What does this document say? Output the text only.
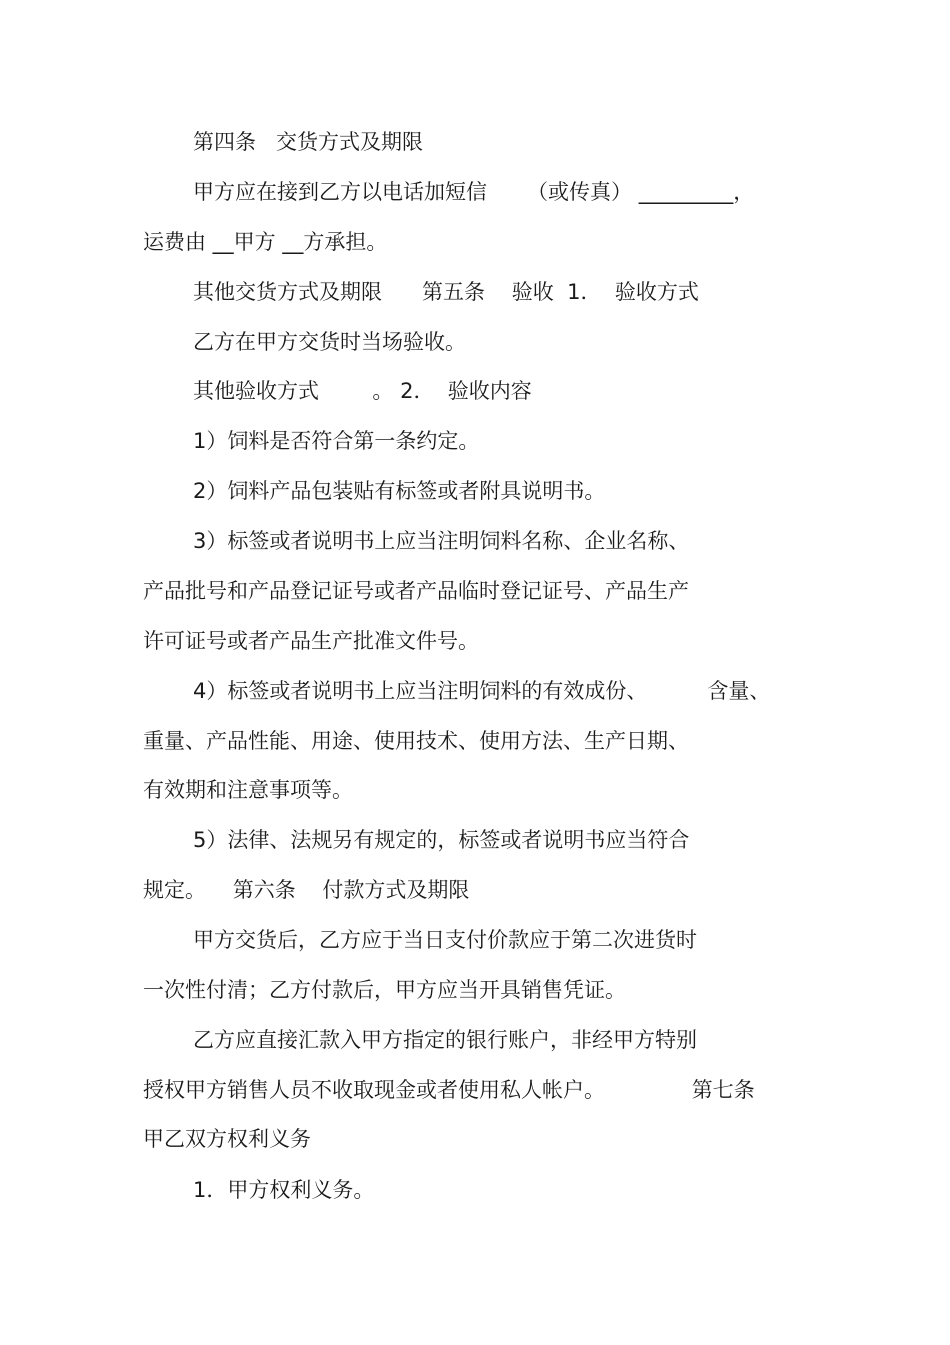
第四条   交货方式及期限
甲方应在接到乙方以电话加短信      （或传真） _________，
运费由 __甲方 __方承担。
其他交货方式及期限      第五条    验收  1．  验收方式
乙方在甲方交货时当场验收。
其他验收方式        。 2．  验收内容
1）饲料是否符合第一条约定。
2）饲料产品包装贴有标签或者附具说明书。
3）标签或者说明书上应当注明饲料名称、企业名称、
产品批号和产品登记证号或者产品临时登记证号、产品生产
许可证号或者产品生产批准文件号。
4）标签或者说明书上应当注明饲料的有效成份、         含量、
重量、产品性能、用途、使用技术、使用方法、生产日期、
有效期和注意事项等。
5）法律、法规另有规定的，标签或者说明书应当符合
规定。    第六条    付款方式及期限
甲方交货后，乙方应于当日支付价款应于第二次进货时
一次性付清；乙方付款后，甲方应当开具销售凭证。
乙方应直接汇款入甲方指定的银行账户，非经甲方特别
授权甲方销售人员不收取现金或者使用私人帐户。             第七条
甲乙双方权利义务
1．甲方权利义务。
